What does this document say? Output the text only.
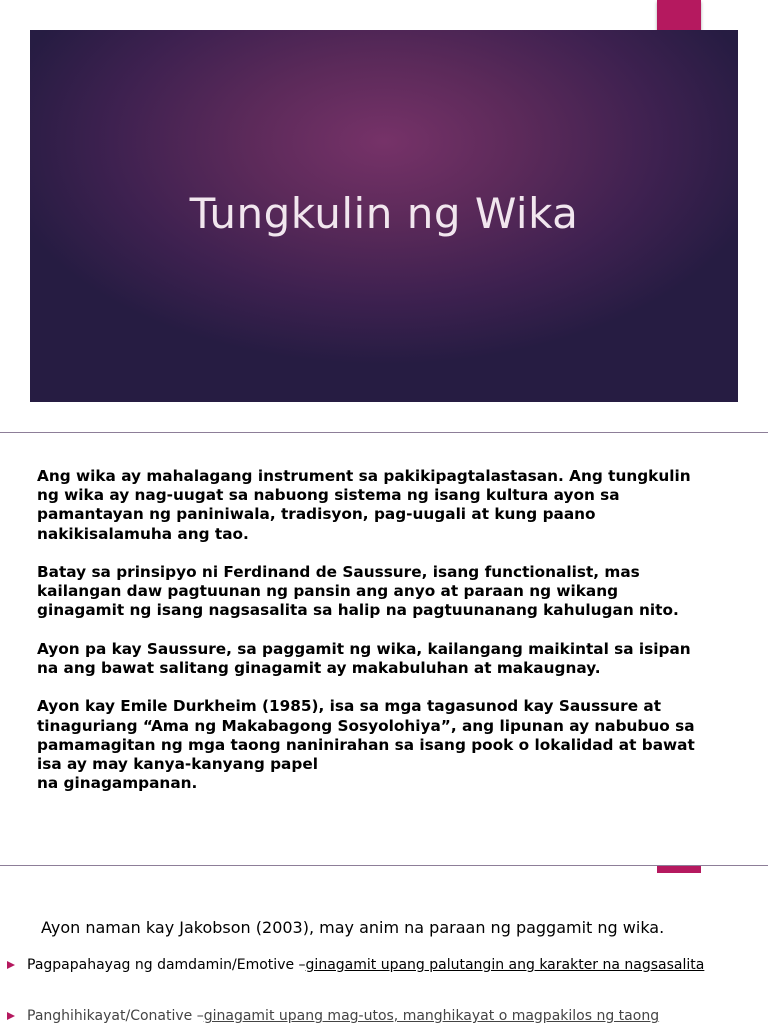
Tungkulin ng Wika

Ang wika ay mahalagang instrument sa pakikipagtalastasan. Ang tungkulin
ng wika ay nag-uugat sa nabuong sistema ng isang kultura ayon sa
pamantayan ng paniniwala, tradisyon, pag-uugali at kung paano
nakikisalamuha ang tao.

Batay sa prinsipyo ni Ferdinand de Saussure, isang functionalist, mas
kailangan daw pagtuunan ng pansin ang anyo at paraan ng wikang
ginagamit ng isang nagsasalita sa halip na pagtuunanang kahulugan nito.

Ayon pa kay Saussure, sa paggamit ng wika, kailangang maikintal sa isipan
na ang bawat salitang ginagamit ay makabuluhan at makaugnay.

Ayon kay Emile Durkheim (1985), isa sa mga tagasunod kay Saussure at
tinaguriang “Ama ng Makabagong Sosyolohiya”, ang lipunan ay nabubuo sa
pamamagitan ng mga taong naninirahan sa isang pook o lokalidad at bawat
isa ay may kanya-kanyang papel
na ginagampanan.

Ayon naman kay Jakobson (2003), may anim na paraan ng paggamit ng wika.
Pagpapahayag ng damdamin/Emotive – ginagamit upang palutangin ang karakter na nagsasalita
Panghihikayat/Conative – ginagamit upang mag-utos, manghikayat o magpakilos ng taong
